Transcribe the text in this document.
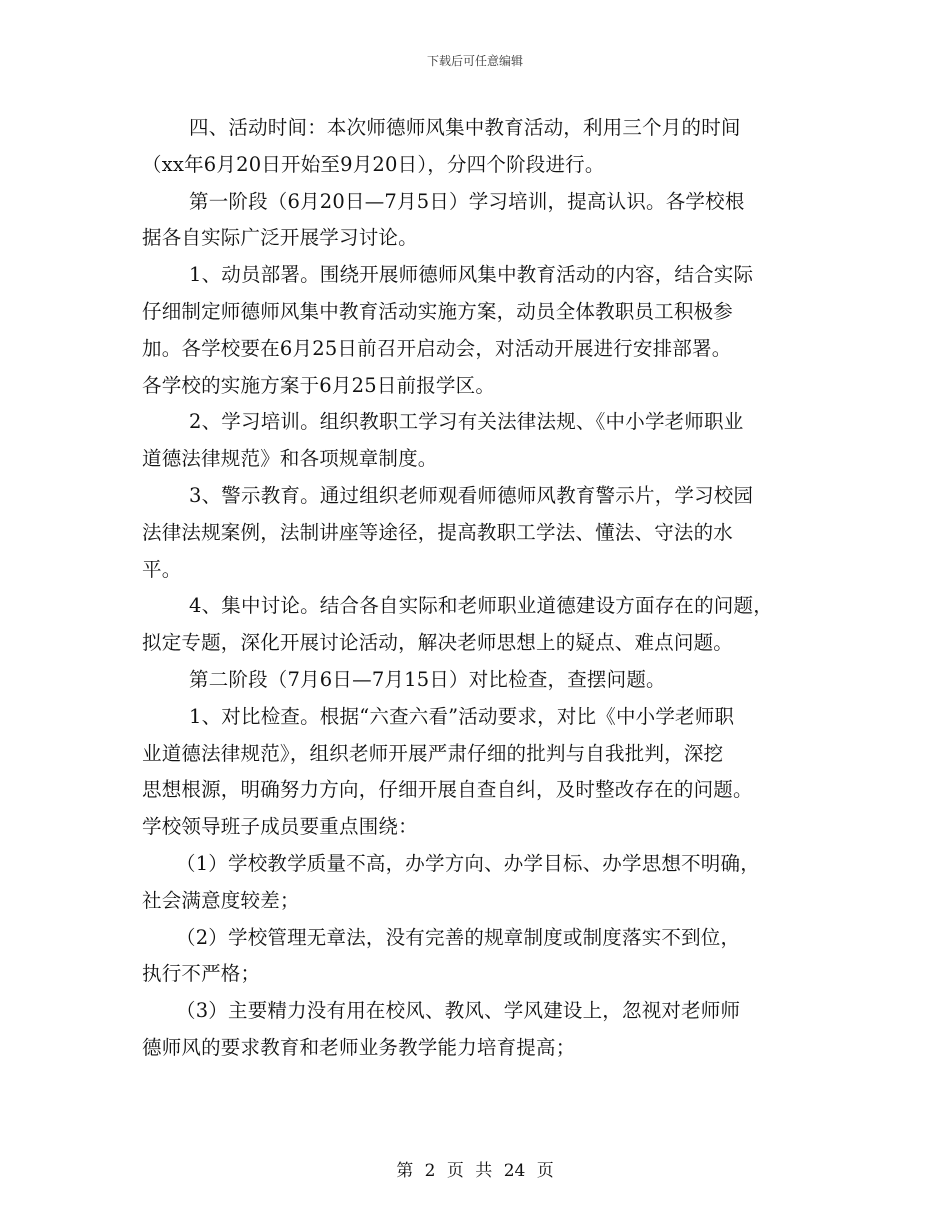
下载后可任意编辑
四、活动时间：本次师德师风集中教育活动，利用三个月的时间
（xx年6月20日开始至9月20日），分四个阶段进行。
第一阶段（6月20日—7月5日）学习培训，提高认识。各学校根
据各自实际广泛开展学习讨论。
1、动员部署。围绕开展师德师风集中教育活动的内容，结合实际
仔细制定师德师风集中教育活动实施方案，动员全体教职员工积极参
加。各学校要在6月25日前召开启动会，对活动开展进行安排部署。
各学校的实施方案于6月25日前报学区。
2、学习培训。组织教职工学习有关法律法规、《中小学老师职业
道德法律规范》和各项规章制度。
3、警示教育。通过组织老师观看师德师风教育警示片，学习校园
法律法规案例，法制讲座等途径，提高教职工学法、懂法、守法的水
平。
4、集中讨论。结合各自实际和老师职业道德建设方面存在的问题，
拟定专题，深化开展讨论活动，解决老师思想上的疑点、难点问题。
第二阶段（7月6日—7月15日）对比检查，查摆问题。
1、对比检查。根据“六查六看”活动要求，对比《中小学老师职
业道德法律规范》，组织老师开展严肃仔细的批判与自我批判，深挖
思想根源，明确努力方向，仔细开展自查自纠，及时整改存在的问题。
学校领导班子成员要重点围绕：
（1）学校教学质量不高，办学方向、办学目标、办学思想不明确，
社会满意度较差；
（2）学校管理无章法，没有完善的规章制度或制度落实不到位，
执行不严格；
（3）主要精力没有用在校风、教风、学风建设上，忽视对老师师
德师风的要求教育和老师业务教学能力培育提高；
第 2 页 共 24 页
